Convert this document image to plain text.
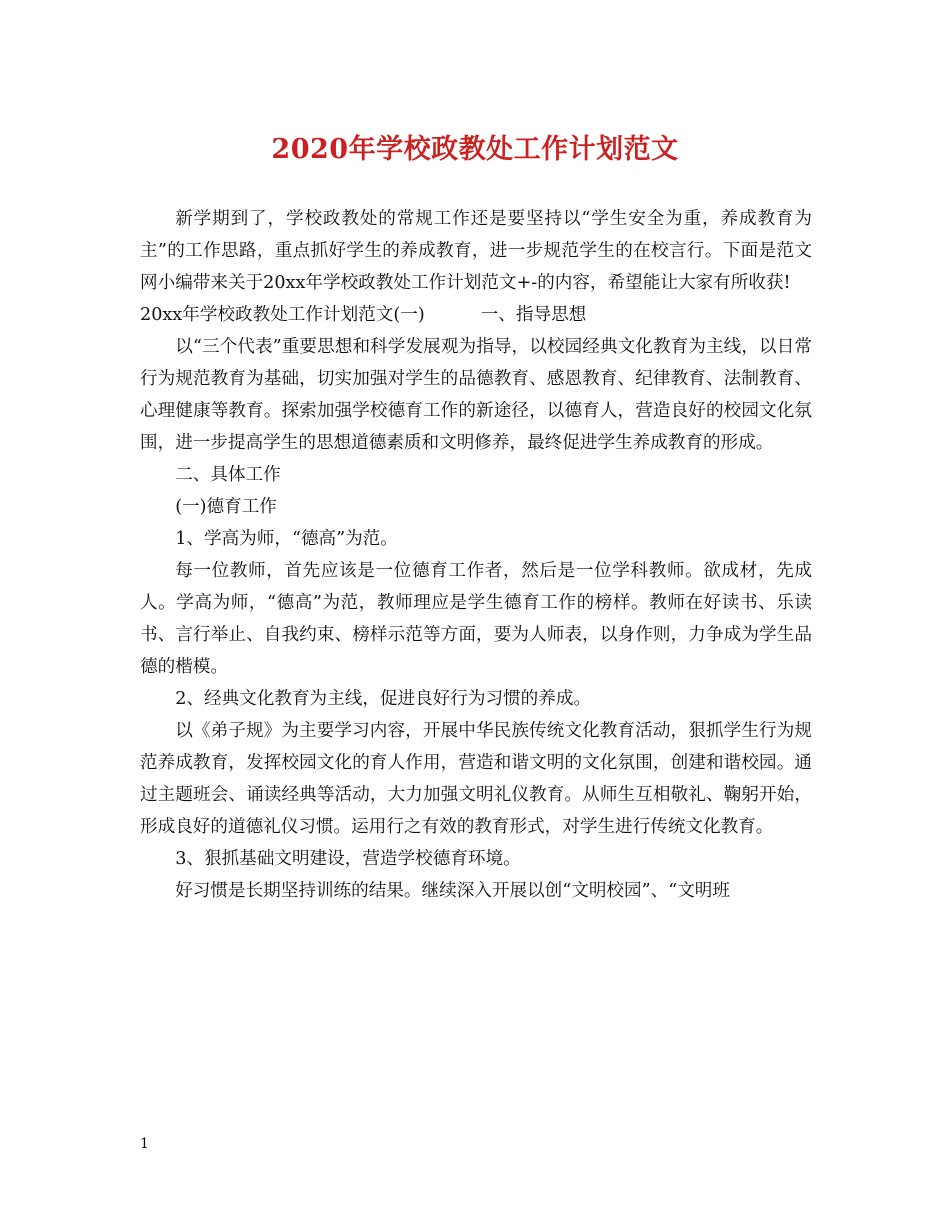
2020年学校政教处工作计划范文

新学期到了，学校政教处的常规工作还是要坚持以“学生安全为重，养成教育为主”的工作思路，重点抓好学生的养成教育，进一步规范学生的在校言行。下面是范文网小编带来关于20xx年学校政教处工作计划范文+-的内容，希望能让大家有所收获!

20xx年学校政教处工作计划范文(一)	一、指导思想

以“三个代表”重要思想和科学发展观为指导，以校园经典文化教育为主线，以日常行为规范教育为基础，切实加强对学生的品德教育、感恩教育、纪律教育、法制教育、心理健康等教育。探索加强学校德育工作的新途径，以德育人，营造良好的校园文化氛围，进一步提高学生的思想道德素质和文明修养，最终促进学生养成教育的形成。

二、具体工作

(一)德育工作

1、学高为师，“德高”为范。

每一位教师，首先应该是一位德育工作者，然后是一位学科教师。欲成材，先成人。学高为师，“德高”为范，教师理应是学生德育工作的榜样。教师在好读书、乐读书、言行举止、自我约束、榜样示范等方面，要为人师表，以身作则，力争成为学生品德的楷模。

2、经典文化教育为主线，促进良好行为习惯的养成。

以《弟子规》为主要学习内容，开展中华民族传统文化教育活动，狠抓学生行为规范养成教育，发挥校园文化的育人作用，营造和谐文明的文化氛围，创建和谐校园。通过主题班会、诵读经典等活动，大力加强文明礼仪教育。从师生互相敬礼、鞠躬开始，形成良好的道德礼仪习惯。运用行之有效的教育形式，对学生进行传统文化教育。

3、狠抓基础文明建设，营造学校德育环境。

好习惯是长期坚持训练的结果。继续深入开展以创“文明校园”、“文明班

1
